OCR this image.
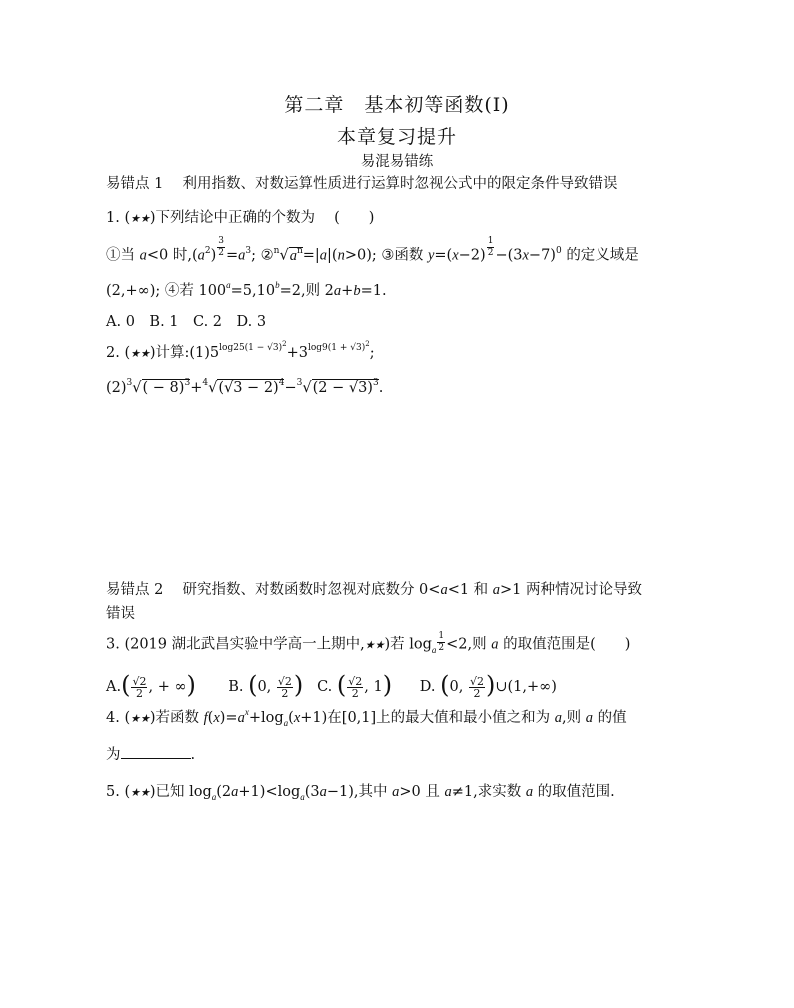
第二章　基本初等函数(Ⅰ)
本章复习提升
易混易错练
易错点 1　 利用指数、对数运算性质进行运算时忽视公式中的限定条件导致错误
1. (★★)下列结论中正确的个数为　 (　　)
①当 a<0 时$,(a^2) \frac{3}{2} =a^3$; $②^n√a^n=|a|(n>0)$; ③函数 $y=(x-2) \frac{1}{2} -(3x-7)^0$ 的定义域是
(2,+∞); ④若 $100^a=5,10^b=2$,则 2a+b=1.
A. 0　B. 1　C. 2　D. 3
2. (★★)计算$:(1)5^{log25(1 - √3)2}+3^{log9(1 + √3)2}$;
$(2)^3√( - 8)^3+^4√(√3 - 2)^4-^3√(2 - √3)^3$.
易错点 2　 研究指数、对数函数时忽视对底数分 0<a<1 和 a>1 两种情况讨论导致
错误
3. (2019 湖北武昌实验中学高一上期中,★★)若 $\log_a \frac{1}{2} <2$,则 a 的取值范围是(　　)
$A.( \frac{√2}{2}$ , + ∞) B. (0, $\frac{√2}{2}$ ) C. ( $\frac{√2}{2}$ , 1) D. (0, $\frac{√2}{2}$ )∪(1,+∞)
4. (★★)若函数 $f(x)=a^x+\log_a(x+1)$在[0,1]上的最大值和最小值之和为 a,则 a 的值
为	.
5. (★★)已知 $\log_a(2a+1)<\log_a(3a-1)$,其中 a>0 且 a≠1,求实数 a 的取值范围.
